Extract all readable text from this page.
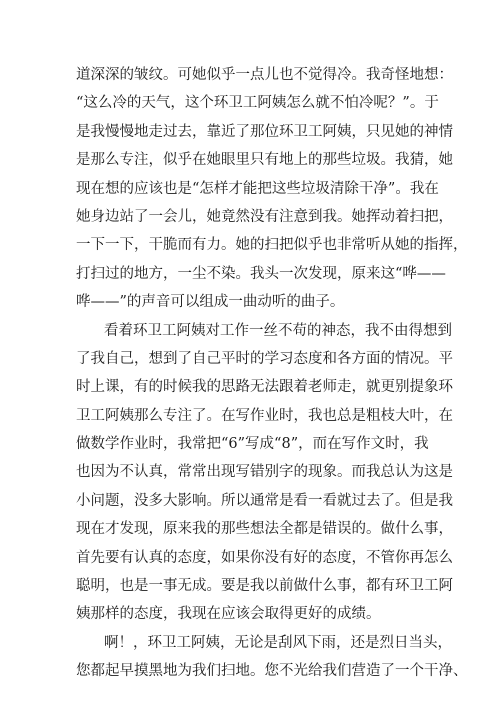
道深深的皱纹。可她似乎一点儿也不觉得冷。我奇怪地想：
“这么冷的天气，这个环卫工阿姨怎么就不怕冷呢？”。于
是我慢慢地走过去，靠近了那位环卫工阿姨，只见她的神情
是那么专注，似乎在她眼里只有地上的那些垃圾。我猜，她
现在想的应该也是“怎样才能把这些垃圾清除干净”。我在
她身边站了一会儿，她竟然没有注意到我。她挥动着扫把，
一下一下，干脆而有力。她的扫把似乎也非常听从她的指挥，
打扫过的地方，一尘不染。我头一次发现，原来这“哗——
哗——”的声音可以组成一曲动听的曲子。
看着环卫工阿姨对工作一丝不苟的神态，我不由得想到
了我自己，想到了自己平时的学习态度和各方面的情况。平
时上课，有的时候我的思路无法跟着老师走，就更别提象环
卫工阿姨那么专注了。在写作业时，我也总是粗枝大叶，在
做数学作业时，我常把“6”写成“8”，而在写作文时，我
也因为不认真，常常出现写错别字的现象。而我总认为这是
小问题，没多大影响。所以通常是看一看就过去了。但是我
现在才发现，原来我的那些想法全都是错误的。做什么事，
首先要有认真的态度，如果你没有好的态度，不管你再怎么
聪明，也是一事无成。要是我以前做什么事，都有环卫工阿
姨那样的态度，我现在应该会取得更好的成绩。
啊！，环卫工阿姨，无论是刮风下雨，还是烈日当头，
您都起早摸黑地为我们扫地。您不光给我们营造了一个干净、
